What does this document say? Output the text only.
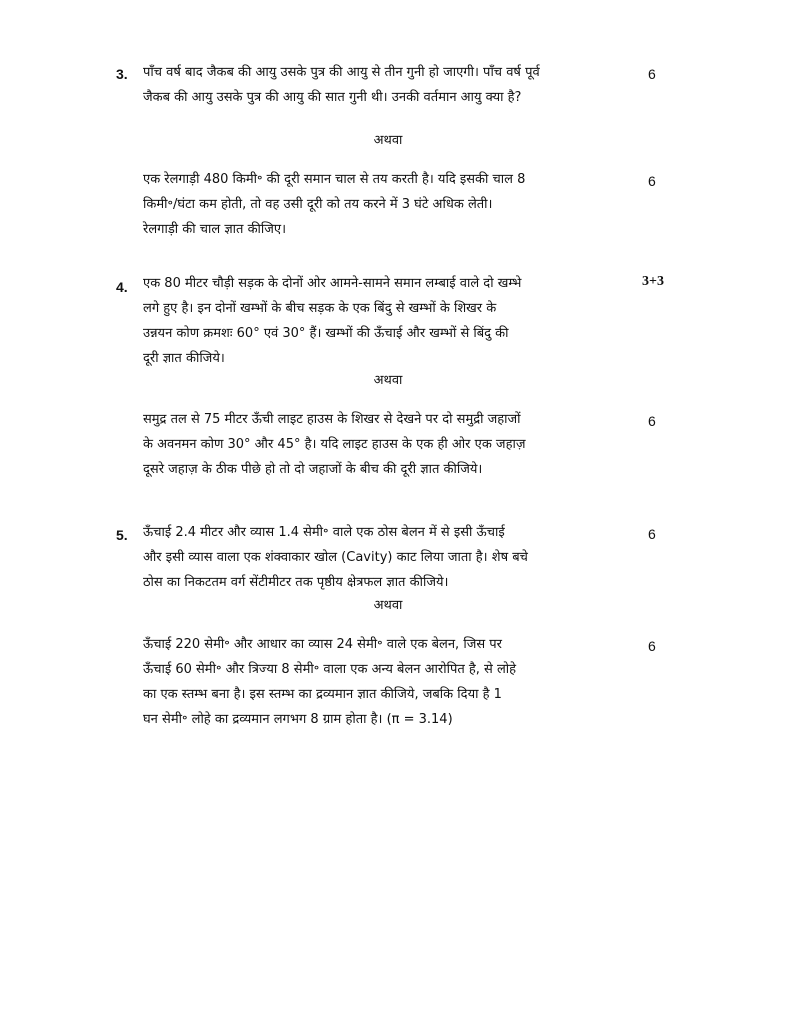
3.	पाँच वर्ष बाद जैकब की आयु उसके पुत्र की आयु से तीन गुनी हो जाएगी। पाँच वर्ष पूर्व
जैकब की आयु उसके पुत्र की आयु की सात गुनी थी। उनकी वर्तमान आयु क्या है?
6
अथवा
एक रेलगाड़ी 480 किमी॰ की दूरी समान चाल से तय करती है। यदि इसकी चाल 8
किमी॰/घंटा कम होती, तो वह उसी दूरी को तय करने में 3 घंटे अधिक लेती।
रेलगाड़ी की चाल ज्ञात कीजिए।
6
4.	एक 80 मीटर चौड़ी सड़क के दोनों ओर आमने-सामने समान लम्बाई वाले दो खम्भे
लगे हुए है। इन दोनों खम्भों के बीच सड़क के एक बिंदु से खम्भों के शिखर के
उन्नयन कोण क्रमशः 60° एवं 30° हैं। खम्भों की ऊँचाई और खम्भों से बिंदु की
दूरी ज्ञात कीजिये।
3+3
अथवा
समुद्र तल से 75 मीटर ऊँची लाइट हाउस के शिखर से देखने पर दो समुद्री जहाजों
के अवनमन कोण 30° और 45° है। यदि लाइट हाउस के एक ही ओर एक जहाज़
दूसरे जहाज़ के ठीक पीछे हो तो दो जहाजों के बीच की दूरी ज्ञात कीजिये।
6
5.	ऊँचाई 2.4 मीटर और व्यास 1.4 सेमी॰ वाले एक ठोस बेलन में से इसी ऊँचाई
और इसी व्यास वाला एक शंक्वाकार खोल (Cavity) काट लिया जाता है। शेष बचे
ठोस का निकटतम वर्ग सेंटीमीटर तक पृष्ठीय क्षेत्रफल ज्ञात कीजिये।
6
अथवा
ऊँचाई 220 सेमी॰ और आधार का व्यास 24 सेमी॰ वाले एक बेलन, जिस पर
ऊँचाई 60 सेमी॰ और त्रिज्या 8 सेमी॰ वाला एक अन्य बेलन आरोपित है, से लोहे
का एक स्तम्भ बना है। इस स्तम्भ का द्रव्यमान ज्ञात कीजिये, जबकि दिया है 1
घन सेमी॰ लोहे का द्रव्यमान लगभग 8 ग्राम होता है। (π = 3.14)
6
